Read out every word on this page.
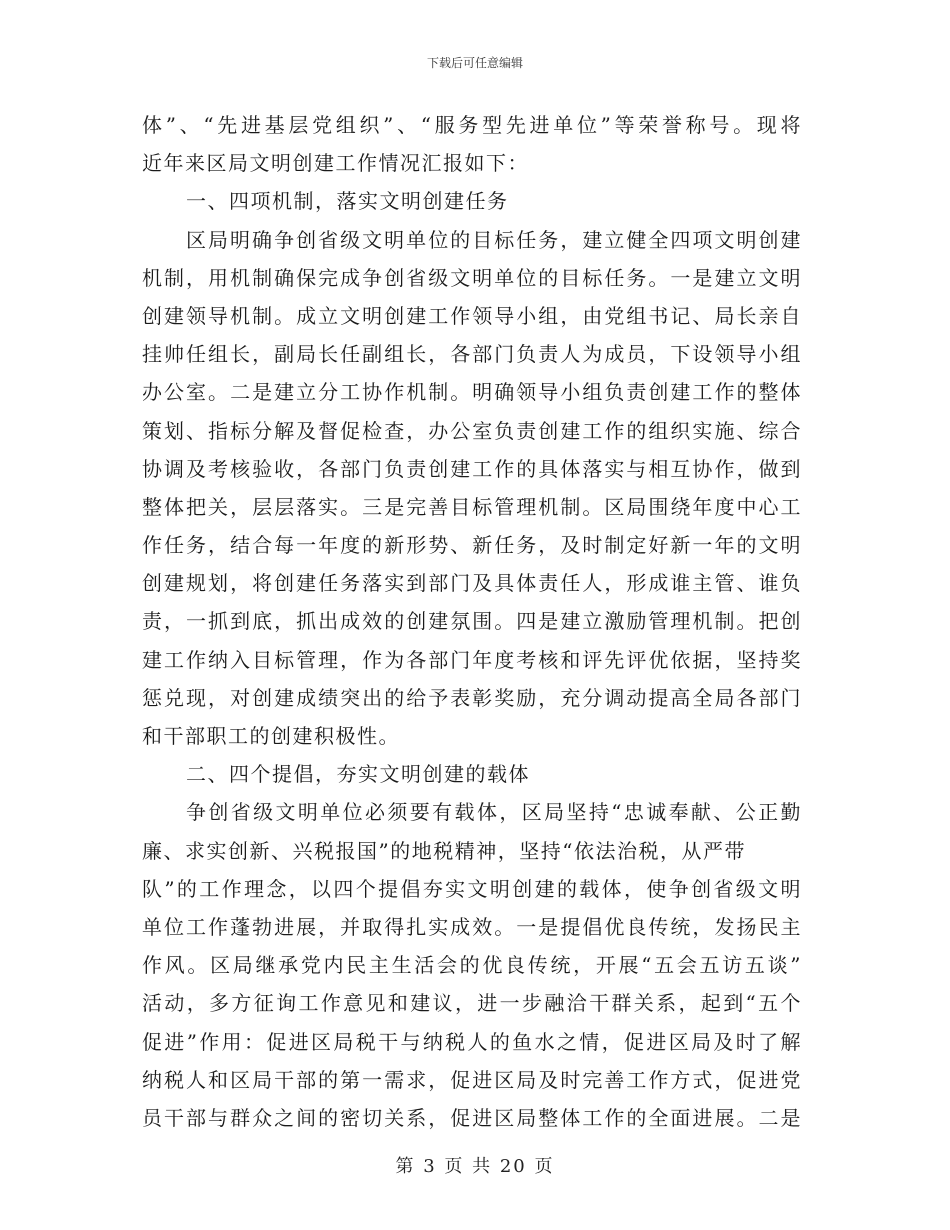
下载后可任意编辑
体”、“先进基层党组织”、“服务型先进单位”等荣誉称号。现将
近年来区局文明创建工作情况汇报如下：
一、四项机制，落实文明创建任务
区局明确争创省级文明单位的目标任务，建立健全四项文明创建
机制，用机制确保完成争创省级文明单位的目标任务。一是建立文明
创建领导机制。成立文明创建工作领导小组，由党组书记、局长亲自
挂帅任组长，副局长任副组长，各部门负责人为成员，下设领导小组
办公室。二是建立分工协作机制。明确领导小组负责创建工作的整体
策划、指标分解及督促检查，办公室负责创建工作的组织实施、综合
协调及考核验收，各部门负责创建工作的具体落实与相互协作，做到
整体把关，层层落实。三是完善目标管理机制。区局围绕年度中心工
作任务，结合每一年度的新形势、新任务，及时制定好新一年的文明
创建规划，将创建任务落实到部门及具体责任人，形成谁主管、谁负
责，一抓到底，抓出成效的创建氛围。四是建立激励管理机制。把创
建工作纳入目标管理，作为各部门年度考核和评先评优依据，坚持奖
惩兑现，对创建成绩突出的给予表彰奖励，充分调动提高全局各部门
和干部职工的创建积极性。
二、四个提倡，夯实文明创建的载体
争创省级文明单位必须要有载体，区局坚持“忠诚奉献、公正勤
廉、求实创新、兴税报国”的地税精神，坚持“依法治税，从严带
队”的工作理念，以四个提倡夯实文明创建的载体，使争创省级文明
单位工作蓬勃进展，并取得扎实成效。一是提倡优良传统，发扬民主
作风。区局继承党内民主生活会的优良传统，开展“五会五访五谈”
活动，多方征询工作意见和建议，进一步融洽干群关系，起到“五个
促进”作用：促进区局税干与纳税人的鱼水之情，促进区局及时了解
纳税人和区局干部的第一需求，促进区局及时完善工作方式，促进党
员干部与群众之间的密切关系，促进区局整体工作的全面进展。二是
第 3 页 共 20 页
